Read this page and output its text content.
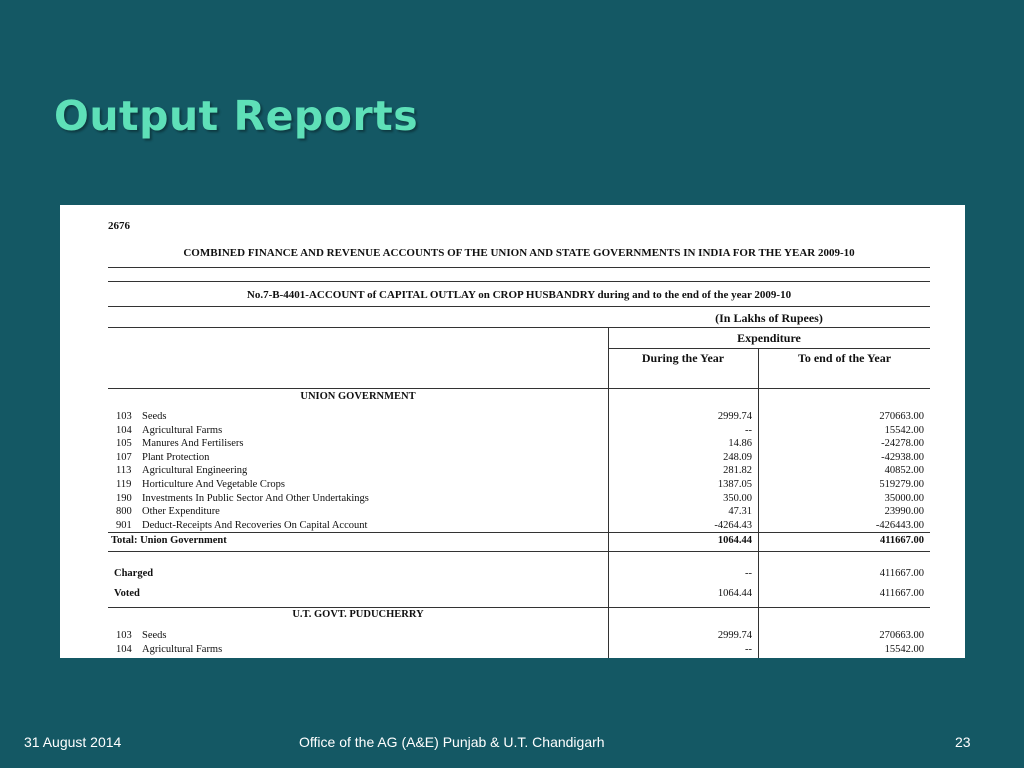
Output Reports
2676
COMBINED FINANCE AND REVENUE ACCOUNTS OF THE UNION AND STATE GOVERNMENTS IN INDIA FOR THE YEAR 2009-10
No.7-B-4401-ACCOUNT of CAPITAL OUTLAY on CROP HUSBANDRY during and to the end of the year 2009-10
(In Lakhs of Rupees)
Expenditure
During the Year	To end of the Year
UNION GOVERNMENT
103 Seeds	2999.74	270663.00
104 Agricultural Farms	--	15542.00
105 Manures And Fertilisers	14.86	-24278.00
107 Plant Protection	248.09	-42938.00
113	Agricultural Engineering	281.82	40852.00
119	Horticulture And Vegetable Crops	1387.05	519279.00
190 Investments In Public Sector And Other Undertakings	350.00	35000.00
800 Other Expenditure	47.31	23990.00
901 Deduct-Receipts And Recoveries On Capital Account	-4264.43	-426443.00
Total: Union Government	1064.44	411667.00
Charged	--	411667.00
Voted	1064.44	411667.00
U.T. GOVT. PUDUCHERRY
103 Seeds	2999.74	270663.00
104 Agricultural Farms	--	15542.00
31 August 2014	Office of the AG (A&E) Punjab & U.T. Chandigarh	23
